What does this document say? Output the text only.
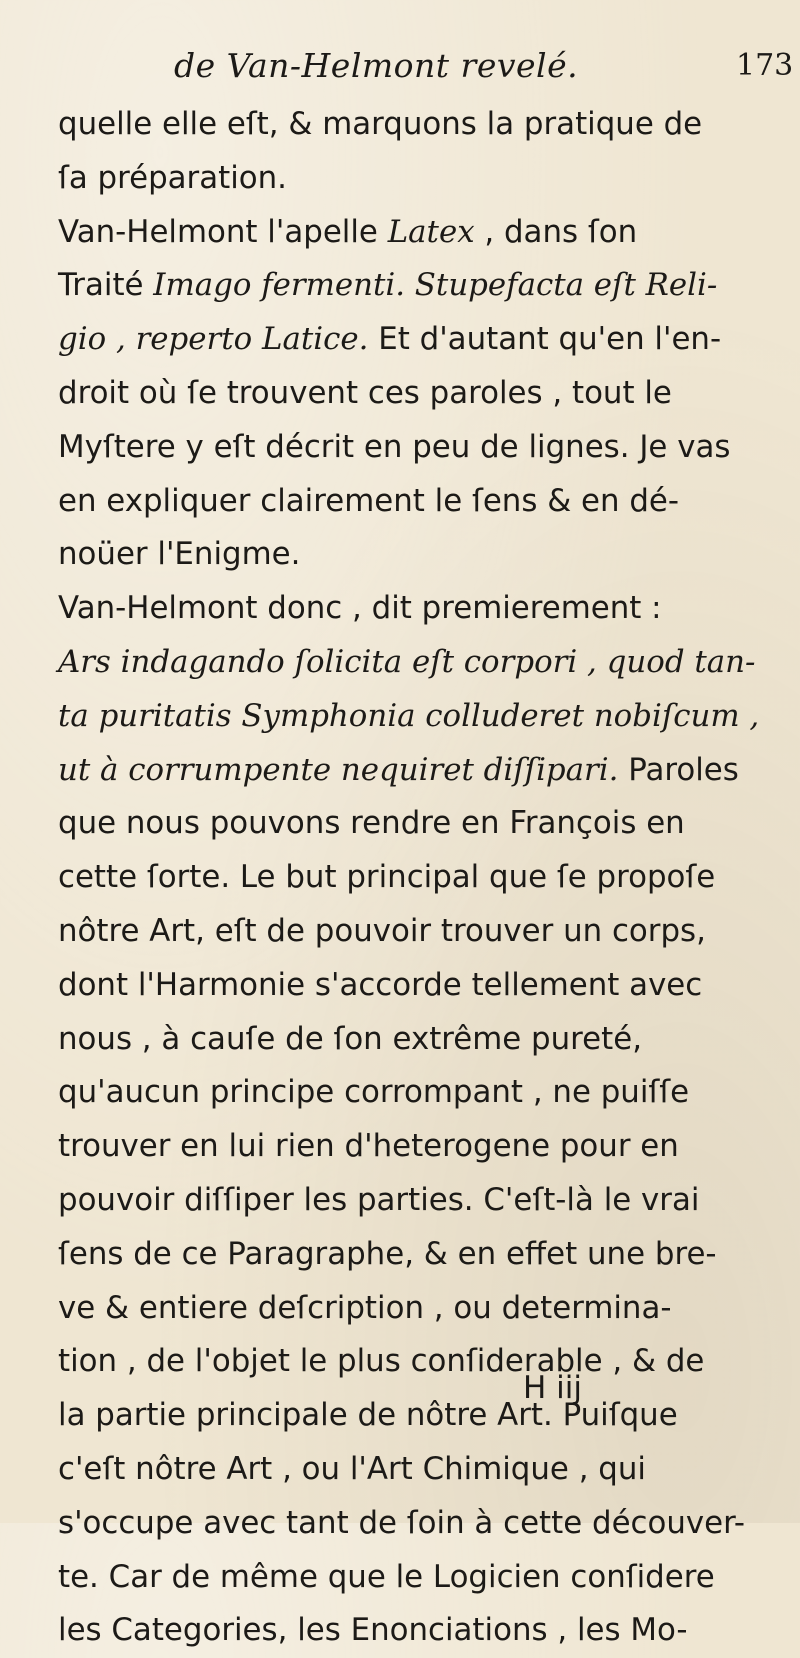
de Van-Helmont revelé.	173
quelle elle eſt, & marquons la pratique de
ſa préparation.
Van-Helmont l'apelle Latex , dans ſon
Traité Imago fermenti. Stupefacta eſt Reli-
gio , reperto Latice. Et d'autant qu'en l'en-
droit où ſe trouvent ces paroles , tout le
Myſtere y eſt décrit en peu de lignes. Je vas
en expliquer clairement le ſens & en dé-
noüer l'Enigme.
Van-Helmont donc , dit premierement :
Ars indagando ſolicita eſt corpori , quod tan-
ta puritatis Symphonia colluderet nobiſcum ,
ut à corrumpente nequiret diſſipari. Paroles
que nous pouvons rendre en François en
cette ſorte. Le but principal que ſe propoſe
nôtre Art, eſt de pouvoir trouver un corps,
dont l'Harmonie s'accorde tellement avec
nous , à cauſe de ſon extrême pureté,
qu'aucun principe corrompant , ne puiſſe
trouver en lui rien d'heterogene pour en
pouvoir diſſiper les parties. C'eſt-là le vrai
ſens de ce Paragraphe, & en effet une bre-
ve & entiere deſcription , ou determina-
tion , de l'objet le plus conſiderable , & de
la partie principale de nôtre Art. Puiſque
c'eſt nôtre Art , ou l'Art Chimique , qui
s'occupe avec tant de ſoin à cette découver-
te. Car de même que le Logicien conſidere
les Categories, les Enonciations , les Mo-
H iij
